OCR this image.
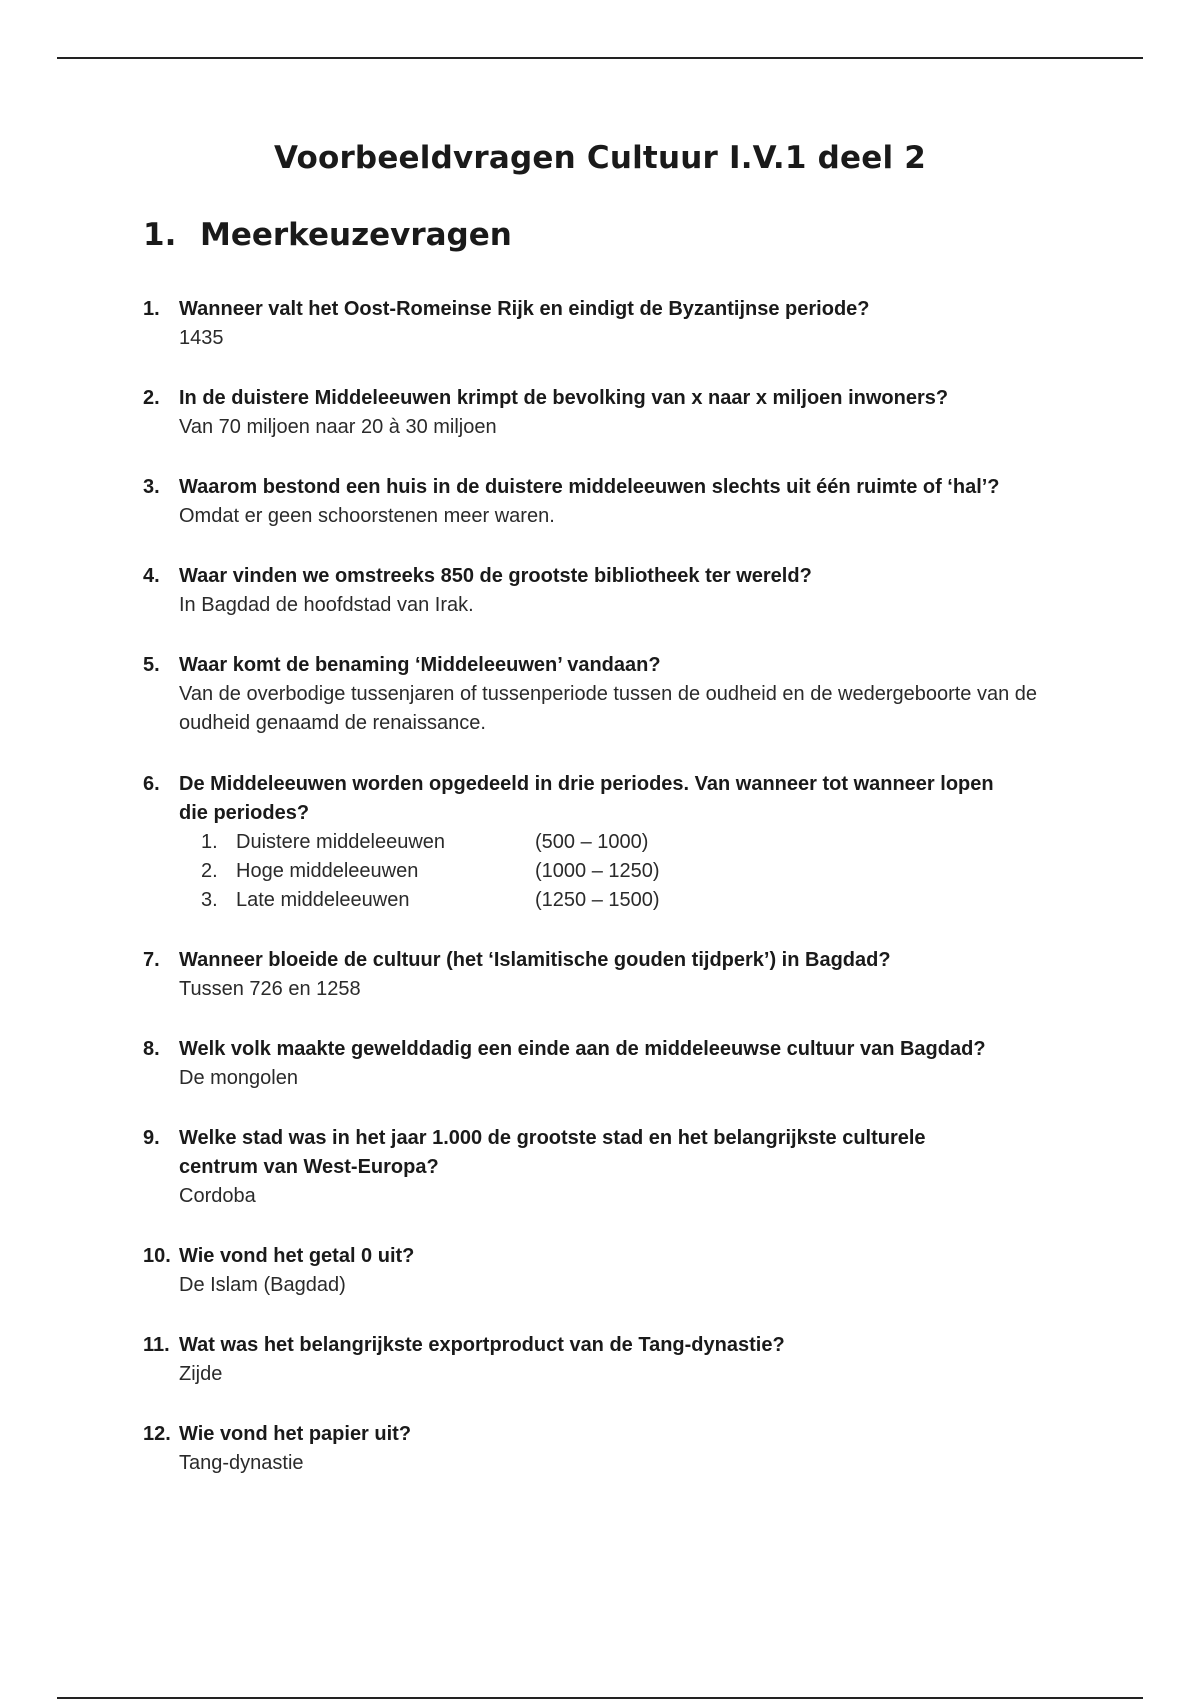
Voorbeeldvragen Cultuur I.V.1 deel 2
1. Meerkeuzevragen
1. Wanneer valt het Oost-Romeinse Rijk en eindigt de Byzantijnse periode?
1435
2. In de duistere Middeleeuwen krimpt de bevolking van x naar x miljoen inwoners?
Van 70 miljoen naar 20 à 30 miljoen
3. Waarom bestond een huis in de duistere middeleeuwen slechts uit één ruimte of ‘hal’?
Omdat er geen schoorstenen meer waren.
4. Waar vinden we omstreeks 850 de grootste bibliotheek ter wereld?
In Bagdad de hoofdstad van Irak.
5. Waar komt de benaming ‘Middeleeuwen’ vandaan?
Van de overbodige tussenjaren of tussenperiode tussen de oudheid en de wedergeboorte van de oudheid genaamd de renaissance.
6. De Middeleeuwen worden opgedeeld in drie periodes. Van wanneer tot wanneer lopen die periodes?
1. Duistere middeleeuwen	(500 – 1000)
2. Hoge middeleeuwen	(1000 – 1250)
3. Late middeleeuwen	(1250 – 1500)
7. Wanneer bloeide de cultuur (het ‘Islamitische gouden tijdperk’) in Bagdad?
Tussen 726 en 1258
8. Welk volk maakte gewelddadig een einde aan de middeleeuwse cultuur van Bagdad?
De mongolen
9. Welke stad was in het jaar 1.000 de grootste stad en het belangrijkste culturele centrum van West-Europa?
Cordoba
10. Wie vond het getal 0 uit?
De Islam (Bagdad)
11. Wat was het belangrijkste exportproduct van de Tang-dynastie?
Zijde
12. Wie vond het papier uit?
Tang-dynastie
